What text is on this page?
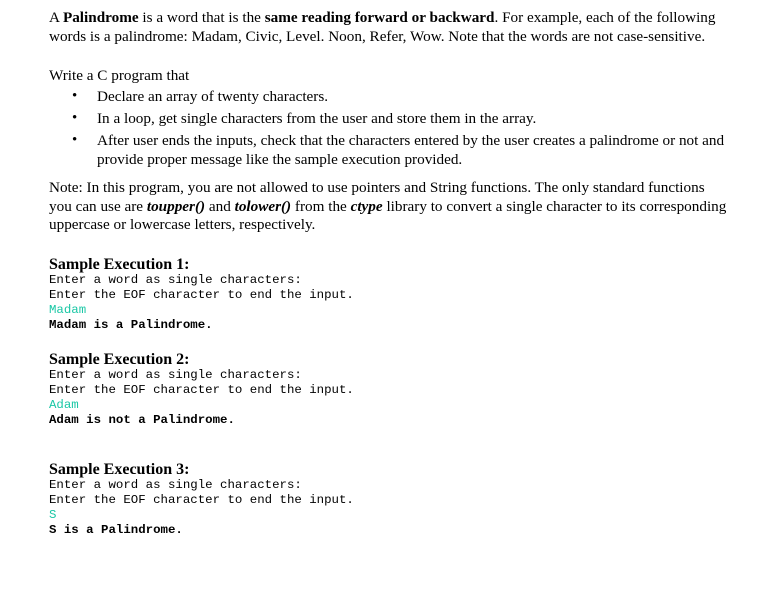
A Palindrome is a word that is the same reading forward or backward. For example, each of the following words is a palindrome: Madam, Civic, Level. Noon, Refer, Wow. Note that the words are not case-sensitive.

Write a C program that

• Declare an array of twenty characters.
• In a loop, get single characters from the user and store them in the array.
• After user ends the inputs, check that the characters entered by the user creates a palindrome or not and provide proper message like the sample execution provided.

Note: In this program, you are not allowed to use pointers and String functions. The only standard functions you can use are toupper() and tolower() from the ctype library to convert a single character to its corresponding uppercase or lowercase letters, respectively.

Sample Execution 1:
Enter a word as single characters:
Enter the EOF character to end the input.
Madam
Madam is a Palindrome.
Sample Execution 2:
Enter a word as single characters:
Enter the EOF character to end the input.
Adam
Adam is not a Palindrome.
Sample Execution 3:
Enter a word as single characters:
Enter the EOF character to end the input.
S
S is a Palindrome.
